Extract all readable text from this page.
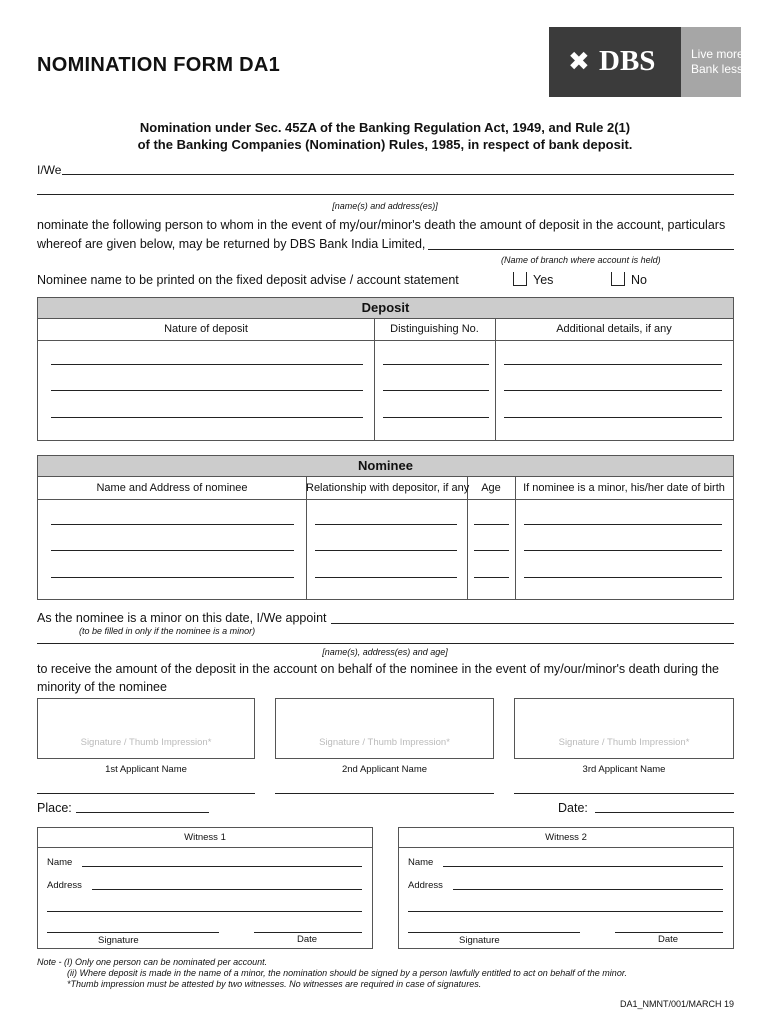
NOMINATION FORM DA1	✖ DBS	Live more,
Bank less
Nomination under Sec. 45ZA of the Banking Regulation Act, 1949, and Rule 2(1)
of the Banking Companies (Nomination) Rules, 1985, in respect of bank deposit.
I/We
[name(s) and address(es)]
nominate the following person to whom in the event of my/our/minor's death the amount of deposit in the account, particulars
whereof are given below, may be returned by DBS Bank India Limited,
(Name of branch where account is held)
Nominee name to be printed on the fixed deposit advise / account statement	Yes	No
Deposit
Nature of deposit	Distinguishing No.	Additional details, if any
Nominee
Name and Address of nominee	Relationship with depositor, if any	Age	If nominee is a minor, his/her date of birth
As the nominee is a minor on this date, I/We appoint
(to be filled in only if the nominee is a minor)
[name(s), address(es) and age]
to receive the amount of the deposit in the account on behalf of the nominee in the event of my/our/minor's death during the
minority of the nominee
Signature / Thumb Impression*	Signature / Thumb Impression*	Signature / Thumb Impression*
1st Applicant Name	2nd Applicant Name	3rd Applicant Name
Place:	Date:
Witness 1
Name
Address
Signature	Date
Witness 2
Name
Address
Signature	Date
Note - (I) Only one person can be nominated per account.
(ii) Where deposit is made in the name of a minor, the nomination should be signed by a person lawfully entitled to act on behalf of the minor.
*Thumb impression must be attested by two witnesses. No witnesses are required in case of signatures.
DA1_NMNT/001/MARCH 19
